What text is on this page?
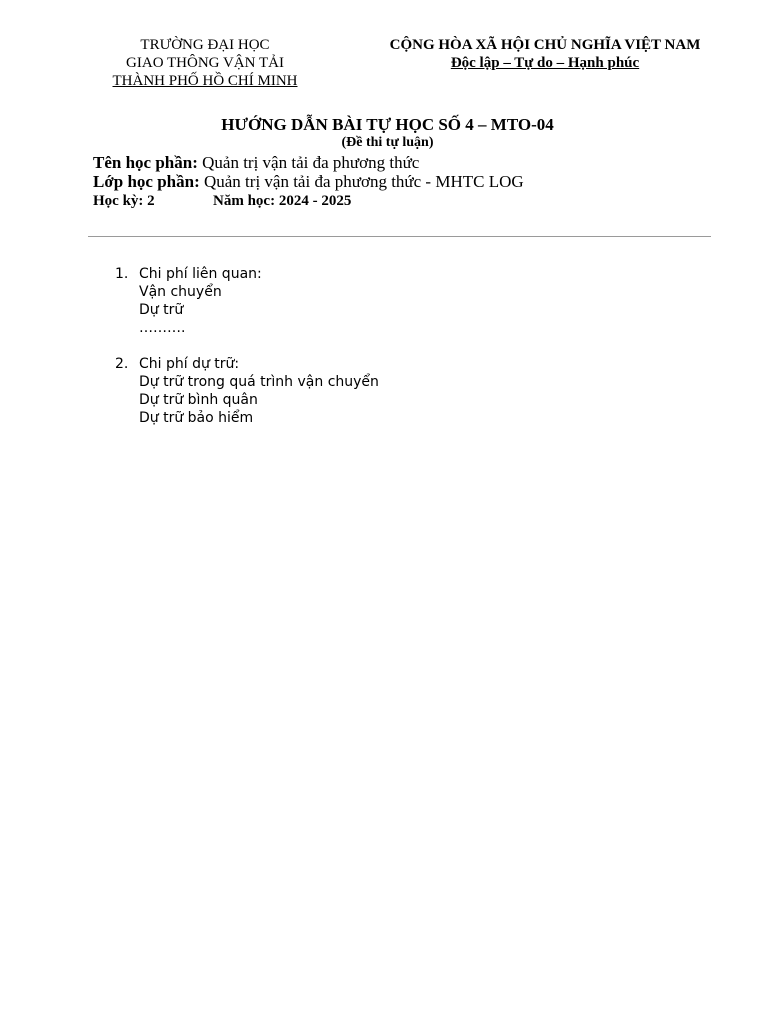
TRƯỜNG ĐẠI HỌC
GIAO THÔNG VẬN TẢI
THÀNH PHỐ HỒ CHÍ MINH
CỘNG HÒA XÃ HỘI CHỦ NGHĨA VIỆT NAM
Độc lập – Tự do – Hạnh phúc
HƯỚNG DẪN BÀI TỰ HỌC SỐ 4 – MTO-04
(Đề thi tự luận)
Tên học phần: Quản trị vận tải đa phương thức
Lớp học phần: Quản trị vận tải đa phương thức - MHTC LOG
Học kỳ: 2	Năm học: 2024 - 2025
1. Chi phí liên quan:
Vận chuyển
Dự trữ
……….
2. Chi phí dự trữ:
Dự trữ trong quá trình vận chuyển
Dự trữ bình quân
Dự trữ bảo hiểm
